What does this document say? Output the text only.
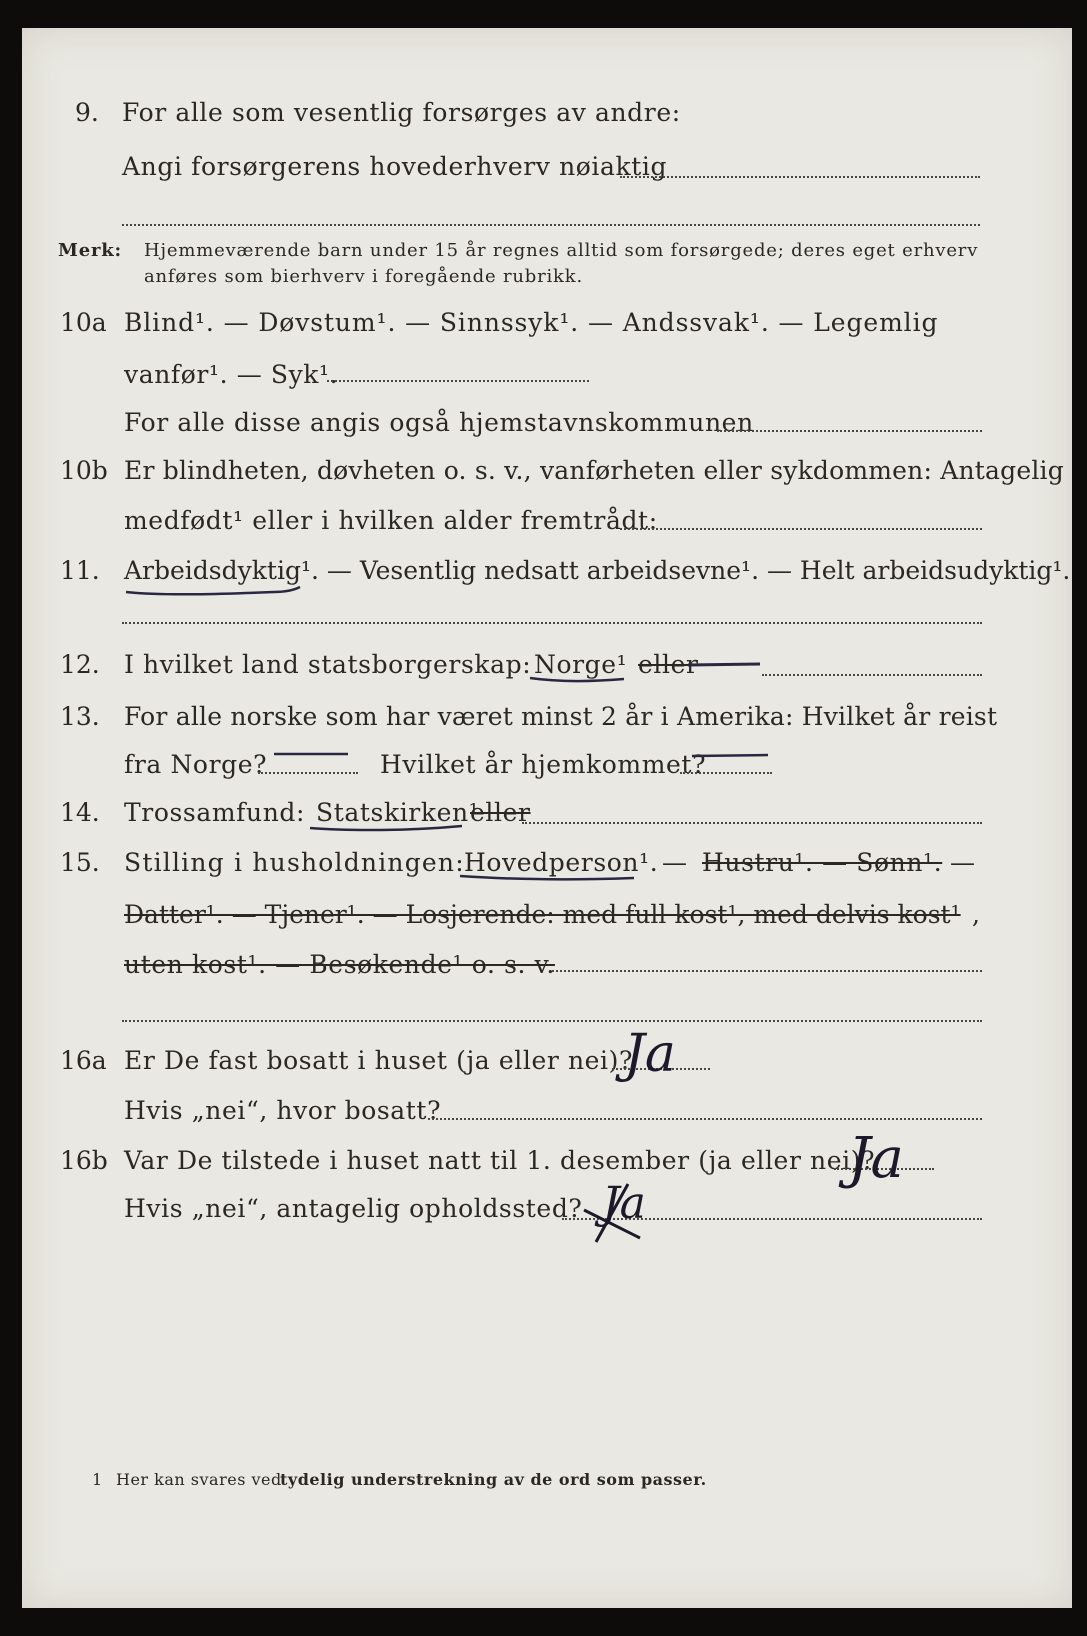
9. For alle som vesentlig forsørges av andre:
Angi forsørgerens hovederhverv nøiaktig
Merk: Hjemmeværende barn under 15 år regnes alltid som forsørgede; deres eget erhverv
anføres som bierhverv i foregående rubrikk.
10a Blind¹. — Døvstum¹. — Sinnssyk¹. — Andssvak¹. — Legemlig
vanfør¹. — Syk¹.
For alle disse angis også hjemstavnskommunen
10b Er blindheten, døvheten o. s. v., vanførheten eller sykdommen: Antagelig
medfødt¹ eller i hvilken alder fremtrådt:
11. Arbeidsdyktig¹. — Vesentlig nedsatt arbeidsevne¹. — Helt arbeidsudyktig¹.
12. I hvilket land statsborgerskap: Norge¹ eller
13. For alle norske som har været minst 2 år i Amerika: Hvilket år reist
fra Norge?	Hvilket år hjemkommet?
14. Trossamfund: Statskirken¹
eller
15. Stilling i husholdningen: Hovedperson¹. — Hustru¹. — Sønn¹. —
Datter¹. — Tjener¹. — Losjerende: med full kost¹, med delvis kost¹ ,
uten kost¹. — Besøkende¹ o. s. v.
16a Er De fast bosatt i huset (ja eller nei)?
Ja
Hvis „nei“, hvor bosatt?
16b Var De tilstede i huset natt til 1. desember (ja eller nei)?
Ja
Hvis „nei“, antagelig opholdssted? Ja
1 Her kan svares ved
tydelig understrekning av de ord som passer.
